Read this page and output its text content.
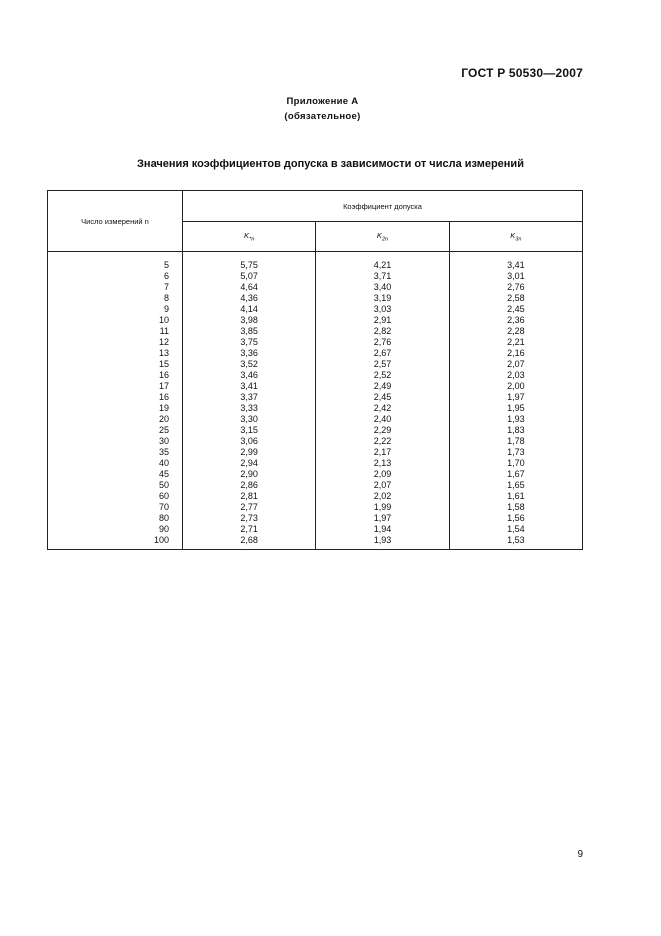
ГОСТ Р 50530—2007
Приложение А
(обязательное)
Значения коэффициентов допуска в зависимости от числа измерений
Число измерений n	Коэффициент допуска		
	$K_{*n}$	$K_{2n}$	$K_{3n}$
5	5,75	4,21	3,41
6	5,07	3,71	3,01
7	4,64	3,40	2,76
8	4,36	3,19	2,58
9	4,14	3,03	2,45
10	3,98	2,91	2,36
11	3,85	2,82	2,28
12	3,75	2,76	2,21
13	3,36	2,67	2,16
15	3,52	2,57	2,07
16	3,46	2,52	2,03
17	3,41	2,49	2,00
16	3,37	2,45	1,97
19	3,33	2,42	1,95
20	3,30	2,40	1,93
25	3,15	2,29	1,83
30	3,06	2,22	1,78
35	2,99	2,17	1,73
40	2,94	2,13	1,70
45	2,90	2,09	1,67
50	2,86	2,07	1,65
60	2,81	2,02	1,61
70	2,77	1,99	1,58
80	2,73	1,97	1,56
90	2,71	1,94	1,54
100	2,68	1,93	1,53
9
